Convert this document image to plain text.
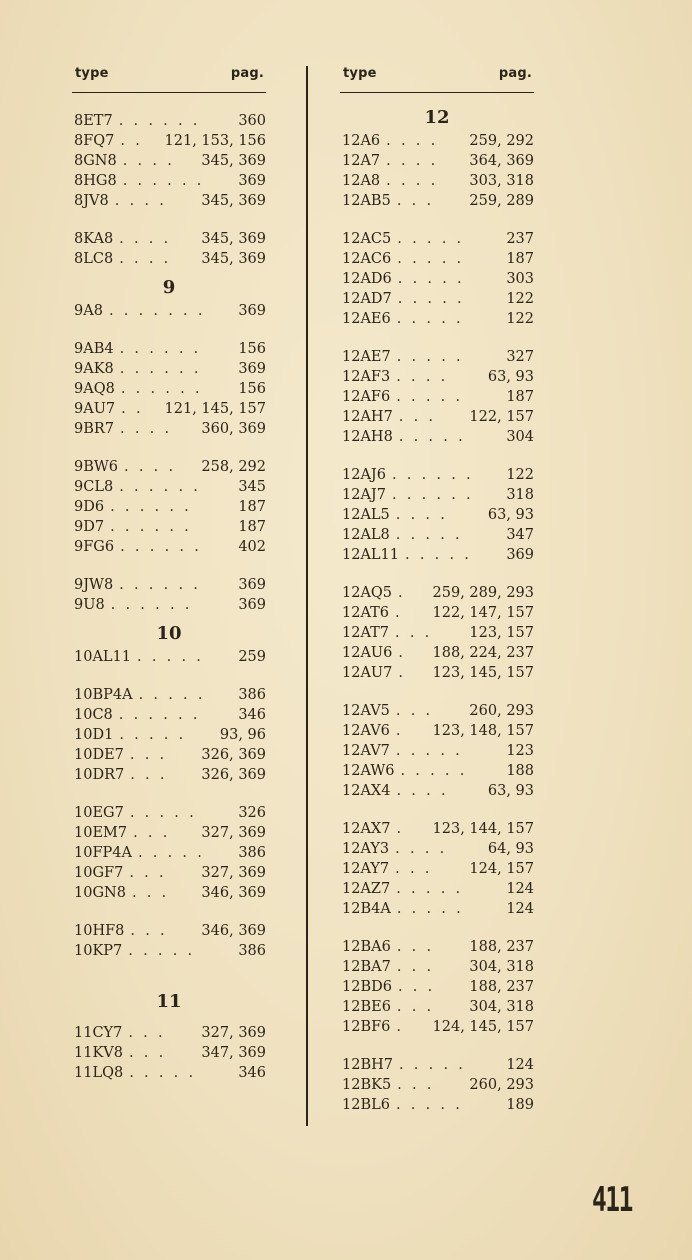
type	pag.
8ET7 . . . . . .	360
8FQ7 . . 121, 153, 156
8GN8 . . . . 345, 369
8HG8 . . . . . . 369
8JV8 . . . . 345, 369
8KA8 . . . . 345, 369
8LC8 . . . . 345, 369
9
9A8 . . . . . . . 369
9AB4 . . . . . .	156
9AK8 . . . . . .	369
9AQ8 . . . . . . 156
9AU7 . . 121, 145, 157
9BR7 . . . . 360, 369
9BW6 . . . . 258, 292
9CL8 . . . . . .	345
9D6 . . . . . .	187
9D7 . . . . . .	187
9FG6 . . . . . .	402
9JW8 . . . . . .	369
9U8 . . . . . .	369
10
10AL11 . . . . . 259
10BP4A . . . . . 386
10C8 . . . . . .	346
10D1 . . . . . 93, 96
10DE7 . . . 326, 369
10DR7 . . . 326, 369
10EG7 . . . . .	326
10EM7 . . . 327, 369
10FP4A . . . . . 386
10GF7 . . . 327, 369
10GN8 . . . 346, 369
10HF8 . . . 346, 369
10KP7 . . . . .	386
11
11CY7 . . . 327, 369
11KV8 . . . 347, 369
11LQ8 . . . . .	346
type	pag.
12
12A6 . . . . 259, 292
12A7 . . . . 364, 369
12A8 . . . . 303, 318
12AB5 . . . 259, 289
12AC5 . . . . .	237
12AC6 . . . . .	187
12AD6 . . . . .	303
12AD7 . . . . .	122
12AE6 . . . . .	122
12AE7 . . . . .	327
12AF3 . . . .	63, 93
12AF6 . . . . .	187
12AH7 . . . 122, 157
12AH8 . . . . .	304
12AJ6 . . . . . . 122
12AJ7 . . . . . . 318
12AL5 . . . .	63, 93
12AL8 . . . . .	347
12AL11 . . . . . 369
12AQ5 . 259, 289, 293
12AT6 . 122, 147, 157
12AT7 . . .	123, 157
12AU6 . 188, 224, 237
12AU7 . 123, 145, 157
12AV5 . . .	260, 293
12AV6 . 123, 148, 157
12AV7 . . . . .	123
12AW6 . . . . .	188
12AX4 . . . .	63, 93
12AX7 . 123, 144, 157
12AY3 . . . .	64, 93
12AY7 . . .	124, 157
12AZ7 . . . . .	124
12B4A . . . . .	124
12BA6 . . . 188, 237
12BA7 . . . 304, 318
12BD6 . . . 188, 237
12BE6 . . . 304, 318
12BF6 . 124, 145, 157
12BH7 . . . . .	124
12BK5 . . . 260, 293
12BL6 . . . . .	189
411
